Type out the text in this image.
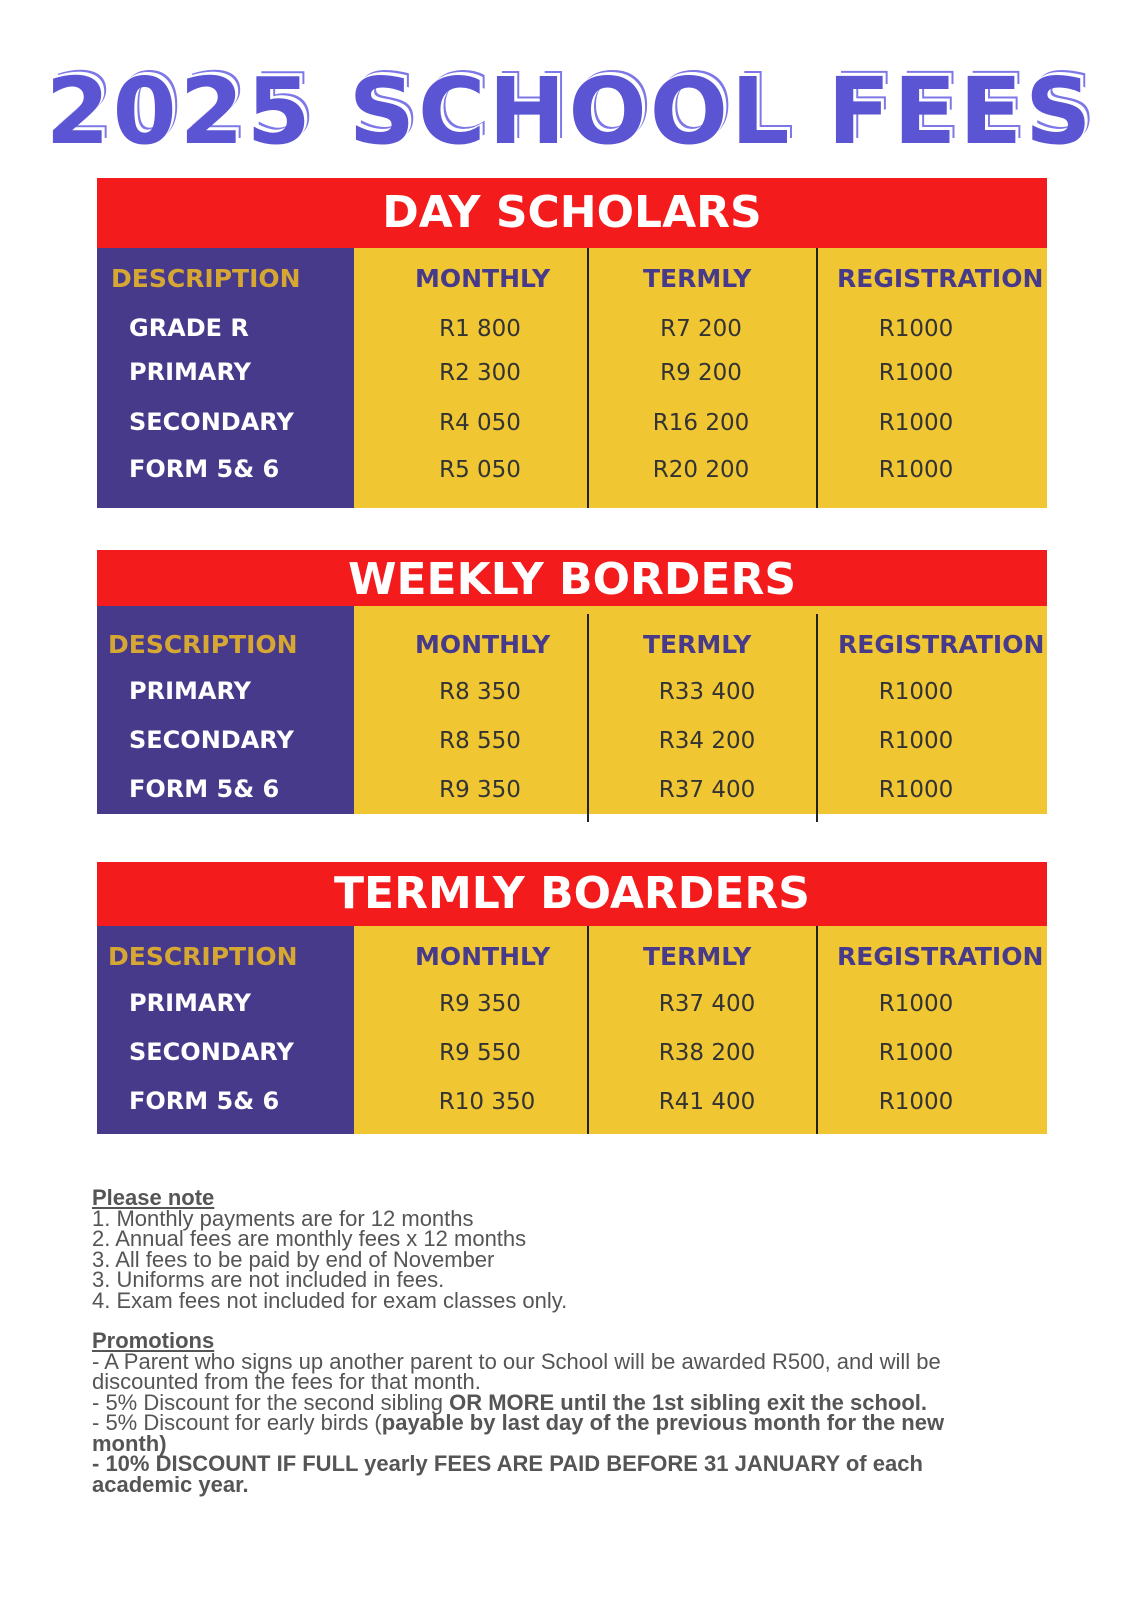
2025 SCHOOL FEES
DAY SCHOLARS
DESCRIPTION	MONTHLY	TERMLY	REGISTRATION
GRADE R	R1 800	R7 200	R1000
PRIMARY	R2 300	R9 200	R1000
SECONDARY	R4 050	R16 200	R1000
FORM 5& 6	R5 050	R20 200	R1000
WEEKLY BORDERS
DESCRIPTION	MONTHLY	TERMLY	REGISTRATION
PRIMARY	R8 350	R33 400	R1000
SECONDARY	R8 550	R34 200	R1000
FORM 5& 6	R9 350	R37 400	R1000
TERMLY BOARDERS
DESCRIPTION	MONTHLY	TERMLY	REGISTRATION
PRIMARY	R9 350	R37 400	R1000
SECONDARY	R9 550	R38 200	R1000
FORM 5& 6	R10 350	R41 400	R1000
Please note
1. Monthly payments are for 12 months
2. Annual fees are monthly fees x 12 months
3. All fees to be paid by end of November
3. Uniforms are not included in fees.
4. Exam fees not included for exam classes only.
Promotions
- A Parent who signs up another parent to our School will be awarded R500, and will be discounted from the fees for that month.
- 5% Discount for the second sibling OR MORE until the 1st sibling exit the school.
- 5% Discount for early birds (payable by last day of the previous month for the new month)
- 10% DISCOUNT IF FULL yearly FEES ARE PAID BEFORE 31 JANUARY of each academic year.
